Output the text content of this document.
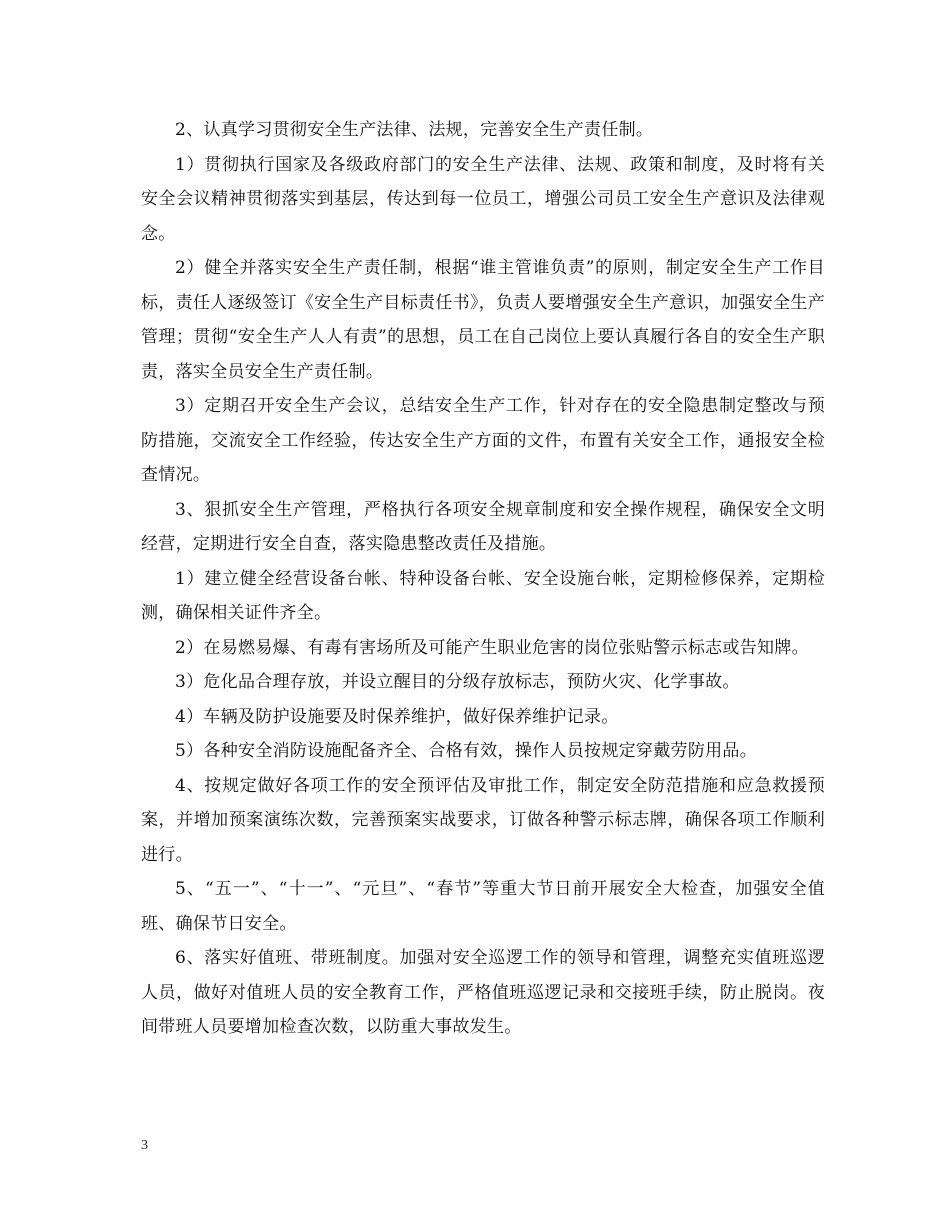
2、认真学习贯彻安全生产法律、法规，完善安全生产责任制。

1）贯彻执行国家及各级政府部门的安全生产法律、法规、政策和制度，及时将有关安全会议精神贯彻落实到基层，传达到每一位员工，增强公司员工安全生产意识及法律观念。

2）健全并落实安全生产责任制，根据“谁主管谁负责”的原则，制定安全生产工作目标，责任人逐级签订《安全生产目标责任书》，负责人要增强安全生产意识，加强安全生产管理；贯彻“安全生产人人有责”的思想，员工在自己岗位上要认真履行各自的安全生产职责，落实全员安全生产责任制。

3）定期召开安全生产会议，总结安全生产工作，针对存在的安全隐患制定整改与预防措施，交流安全工作经验，传达安全生产方面的文件，布置有关安全工作，通报安全检查情况。

3、狠抓安全生产管理，严格执行各项安全规章制度和安全操作规程，确保安全文明经营，定期进行安全自查，落实隐患整改责任及措施。

1）建立健全经营设备台帐、特种设备台帐、安全设施台帐，定期检修保养，定期检测，确保相关证件齐全。

2）在易燃易爆、有毒有害场所及可能产生职业危害的岗位张贴警示标志或告知牌。

3）危化品合理存放，并设立醒目的分级存放标志，预防火灾、化学事故。

4）车辆及防护设施要及时保养维护，做好保养维护记录。

5）各种安全消防设施配备齐全、合格有效，操作人员按规定穿戴劳防用品。

4、按规定做好各项工作的安全预评估及审批工作，制定安全防范措施和应急救援预案，并增加预案演练次数，完善预案实战要求，订做各种警示标志牌，确保各项工作顺利进行。

5、“五一”、“十一”、“元旦”、“春节”等重大节日前开展安全大检查，加强安全值班、确保节日安全。

6、落实好值班、带班制度。加强对安全巡逻工作的领导和管理，调整充实值班巡逻人员，做好对值班人员的安全教育工作，严格值班巡逻记录和交接班手续，防止脱岗。夜间带班人员要增加检查次数，以防重大事故发生。

3
